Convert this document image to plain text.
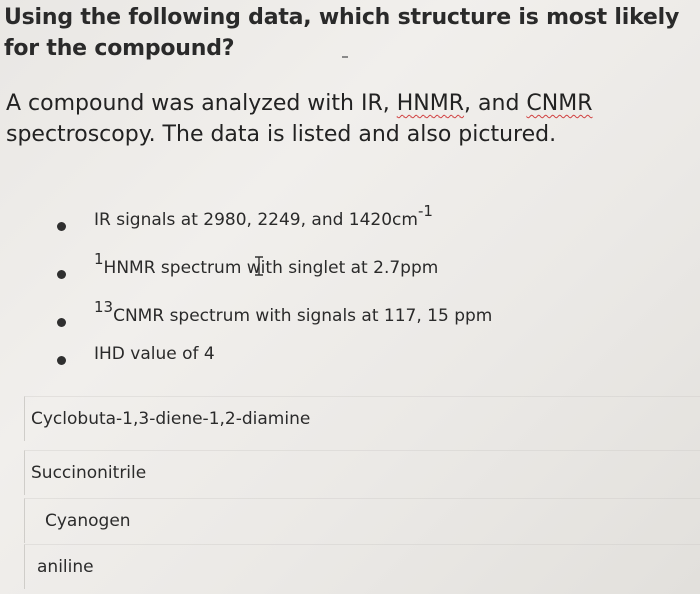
Using the following data, which structure is most likely for the compound?
A compound was analyzed with IR, HNMR, and CNMR spectroscopy. The data is listed and also pictured.
IR signals at 2980, 2249, and $1420cm^{-1}$
$^1$HNMR spectrum with singlet at 2.7ppm
$^{13}$CNMR spectrum with signals at 117, 15 ppm
IHD value of 4
Cyclobuta-1,3-diene-1,2-diamine
Succinonitrile
Cyanogen
aniline
